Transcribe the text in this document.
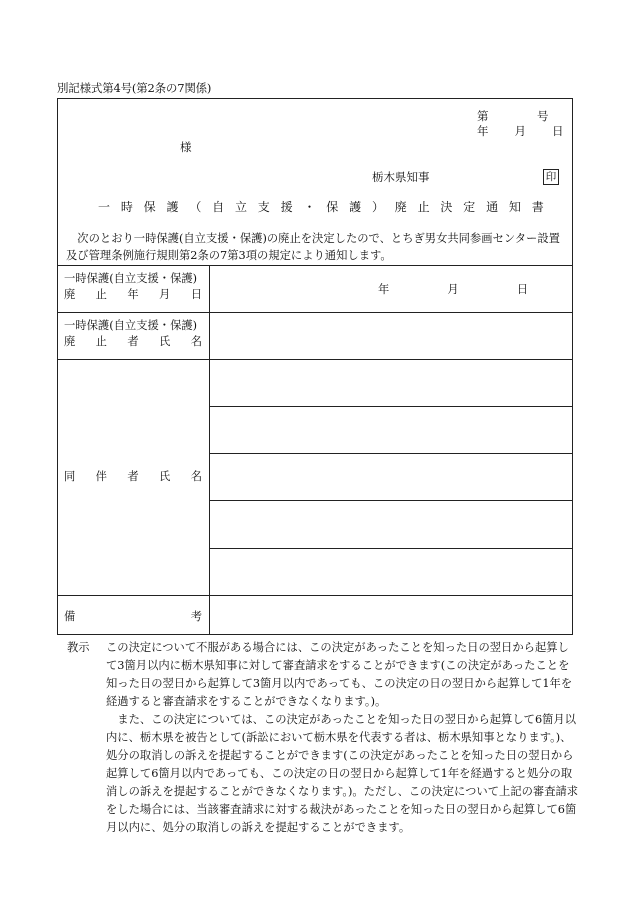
別記様式第4号(第2条の7関係)
第　　　　号
年　　月　　日
様
栃木県知事	印
一 時 保 護 （ 自 立 支 援 ・ 保 護 ） 廃 止 決 定 通 知 書

次のとおり一時保護(自立支援・保護)の廃止を決定したので、とちぎ男女共同参画センター設置及び管理条例施行規則第2条の7第3項の規定により通知します。

一時保護(自立支援・保護)
廃 止 年 月 日	年	月	日
一時保護(自立支援・保護)
廃 止 者 氏 名
同 伴 者 氏 名
備	考
教示 この決定について不服がある場合には、この決定があったことを知った日の翌日から起算して3箇月以内に栃木県知事に対して審査請求をすることができます(この決定があったことを知った日の翌日から起算して3箇月以内であっても、この決定の日の翌日から起算して1年を経過すると審査請求をすることができなくなります。)。

また、この決定については、この決定があったことを知った日の翌日から起算して6箇月以内に、栃木県を被告として(訴訟において栃木県を代表する者は、栃木県知事となります。)、処分の取消しの訴えを提起することができます(この決定があったことを知った日の翌日から起算して6箇月以内であっても、この決定の日の翌日から起算して1年を経過すると処分の取消しの訴えを提起することができなくなります。)。ただし、この決定について上記の審査請求をした場合には、当該審査請求に対する裁決があったことを知った日の翌日から起算して6箇月以内に、処分の取消しの訴えを提起することができます。
